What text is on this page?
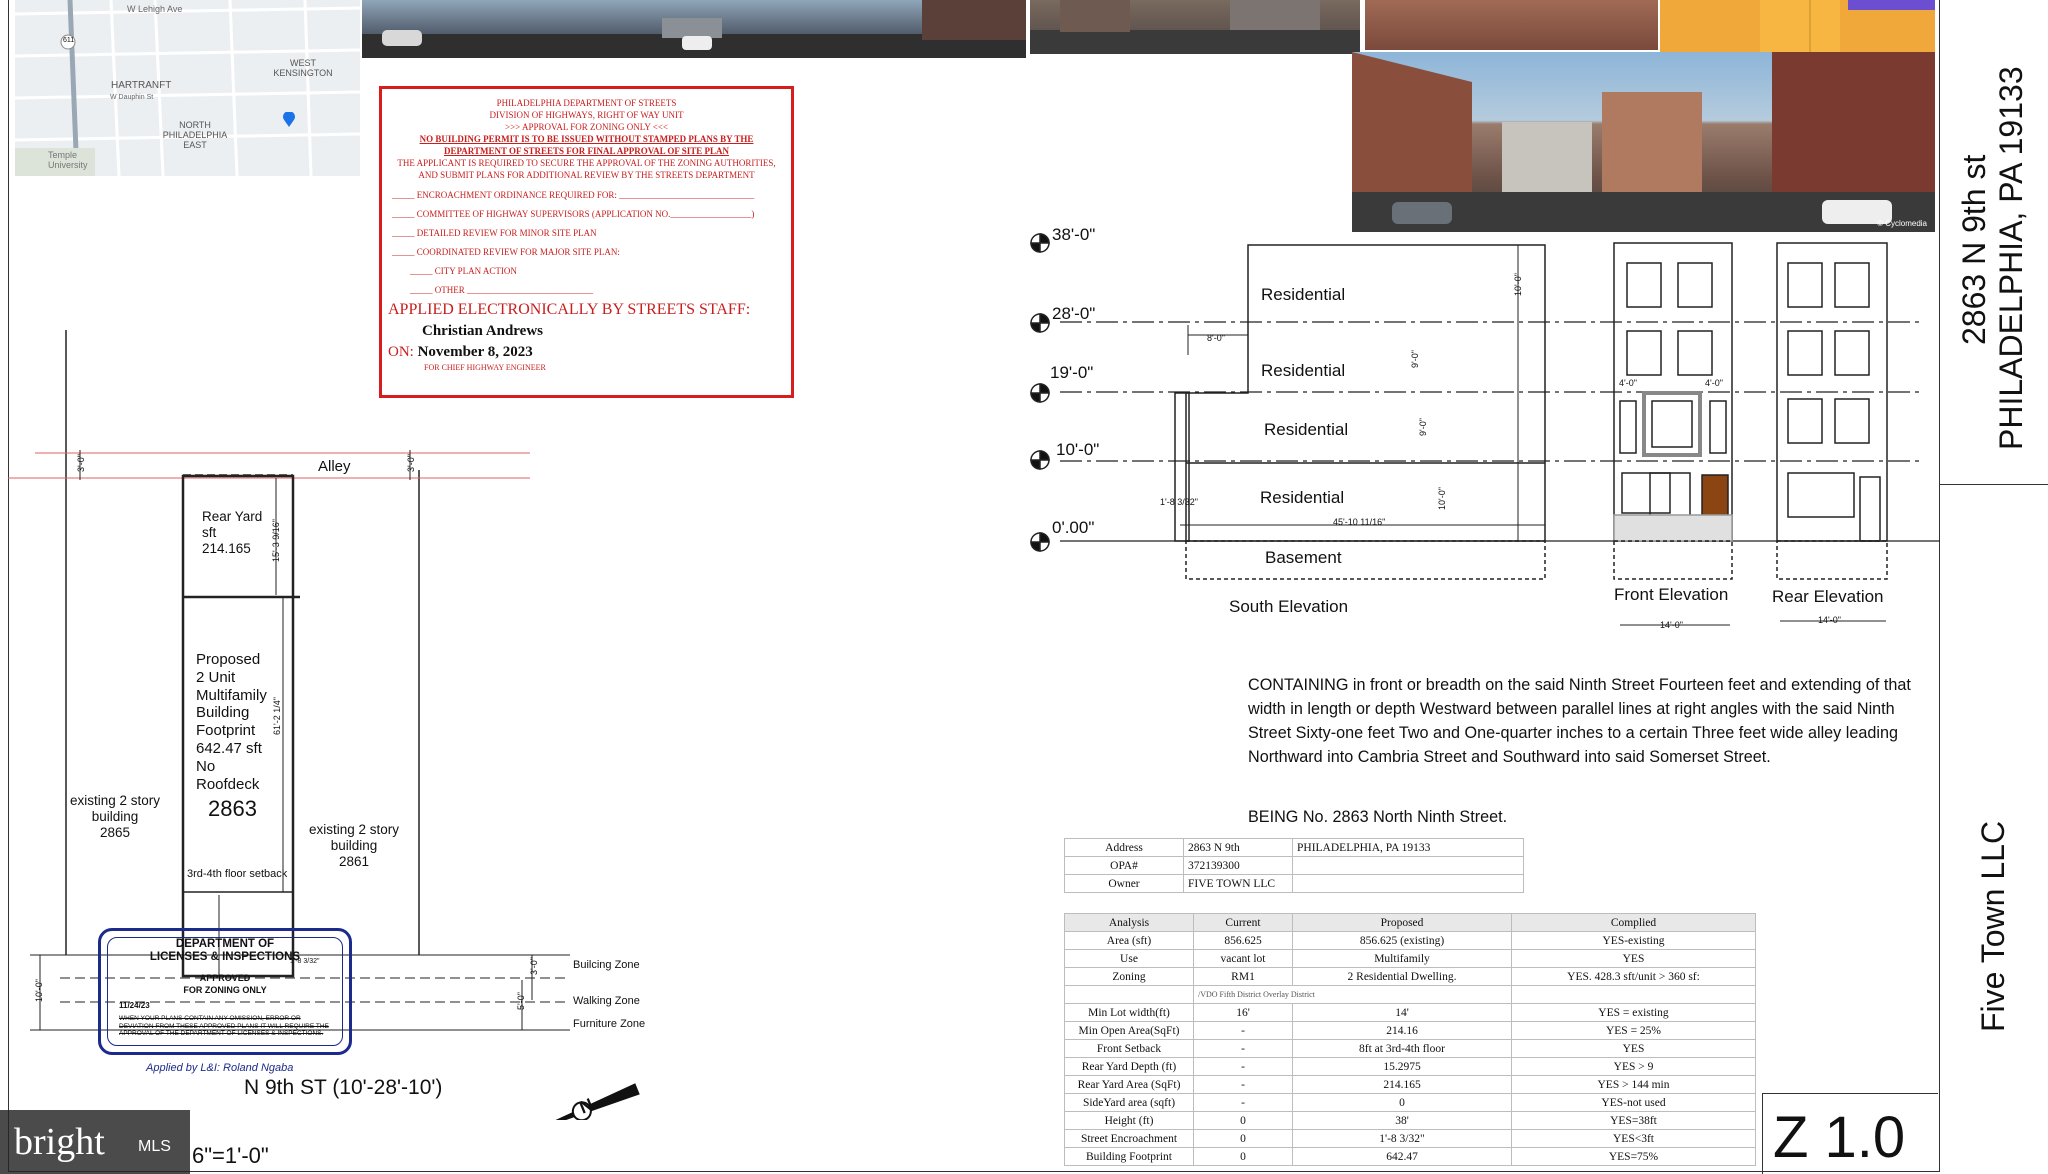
611
W Lehigh Ave
HARTRANFT
WEST KENSINGTON
NORTH PHILADELPHIA EAST
Temple University
W Dauphin St
© Cyclomedia
PHILADELPHIA DEPARTMENT OF STREETS
DIVISION OF HIGHWAYS, RIGHT OF WAY UNIT
>>> APPROVAL FOR ZONING ONLY <<<
NO BUILDING PERMIT IS TO BE ISSUED WITHOUT STAMPED PLANS BY THE
DEPARTMENT OF STREETS FOR FINAL APPROVAL OF SITE PLAN
THE APPLICANT IS REQUIRED TO SECURE THE APPROVAL OF THE ZONING AUTHORITIES,
AND SUBMIT PLANS FOR ADDITIONAL REVIEW BY THE STREETS DEPARTMENT
_____ ENCROACHMENT ORDINANCE REQUIRED FOR: ______________________________
_____ COMMITTEE OF HIGHWAY SUPERVISORS (APPLICATION NO.__________________)
_____ DETAILED REVIEW FOR MINOR SITE PLAN
_____ COORDINATED REVIEW FOR MAJOR SITE PLAN:
_____ CITY PLAN ACTION
_____ OTHER ____________________________
APPLIED ELECTRONICALLY BY STREETS STAFF:
Christian Andrews
ON: November 8, 2023
FOR CHIEF HIGHWAY ENGINEER
Alley
Rear Yard
sft
214.165	15'-3 9/16"
Proposed
2 Unit
Multifamily
Building
Footprint
642.47 sft
No
Roofdeck
61'-2 1/4"
2863
existing 2 story
building
2865	existing 2 story
building
2861
3rd-4th floor setback
Builcing Zone
Walking Zone
Furniture Zone
3'-0"	3'-0"
3'-0"
10'-0"	5'-0"
1'-8 3/32"
N 9th ST (10'-28'-10')
6"=1'-0"
N
DEPARTMENT OF
LICENSES & INSPECTIONS
APPROVED
FOR ZONING ONLY
11/24/23
WHEN YOUR PLANS CONTAIN ANY OMISSION, ERROR OR DEVIATION FROM THESE APPROVED PLANS IT WILL REQUIRE THE APPROVAL OF THE DEPARTMENT OF LICENSES & INSPECTIONS.
Applied by L&I: Roland Ngaba
bright MLS
38'-0"
28'-0"
19'-0"
10'-0"
0'.00"
Residential
Residential
Residential
Residential
Basement
South Elevation
Front Elevation	Rear Elevation
10'-0"
9'-0"
9'-0"
10'-0"
8'-0"
45'-10 11/16"
1'-8 3/32"
4'-0"	4'-0"
14'-0"	14'-0"
CONTAINING in front or breadth on the said Ninth Street Fourteen feet and extending of that width in length or depth Westward between parallel lines at right angles with the said Ninth Street Sixty-one feet Two and One-quarter inches to a certain Three feet wide alley leading Northward into Cambria Street and Southward into said Somerset Street.
BEING No. 2863 North Ninth Street.
Address	2863 N 9th	PHILADELPHIA, PA 19133
OPA#	372139300	
Owner	FIVE TOWN LLC	
Analysis	Current	Proposed	Complied
Area (sft)	856.625	856.625 (existing)	YES-existing
Use	vacant lot	Multifamily	YES
Zoning	RM1	2 Residential Dwelling.	YES. 428.3 sft/unit > 360 sf:
	/VDO Fifth District Overlay District		
Min Lot width(ft)	16'	14'	YES = existing
Min Open Area(SqFt)	-	214.16	YES = 25%
Front Setback	-	8ft at 3rd-4th floor	YES
Rear Yard Depth (ft)	-	15.2975	YES > 9
Rear Yard Area (SqFt)	-	214.165	YES > 144 min
SideYard area (sqft)	-	0	YES-not used
Height (ft)	0	38'	YES=38ft
Street Encroachment	0	1'-8 3/32"	YES<3ft
Building Footprint	0	642.47	YES=75% Z 1.0
2863 N 9th st PHILADELPHIA, PA 19133
Five Town LLC
